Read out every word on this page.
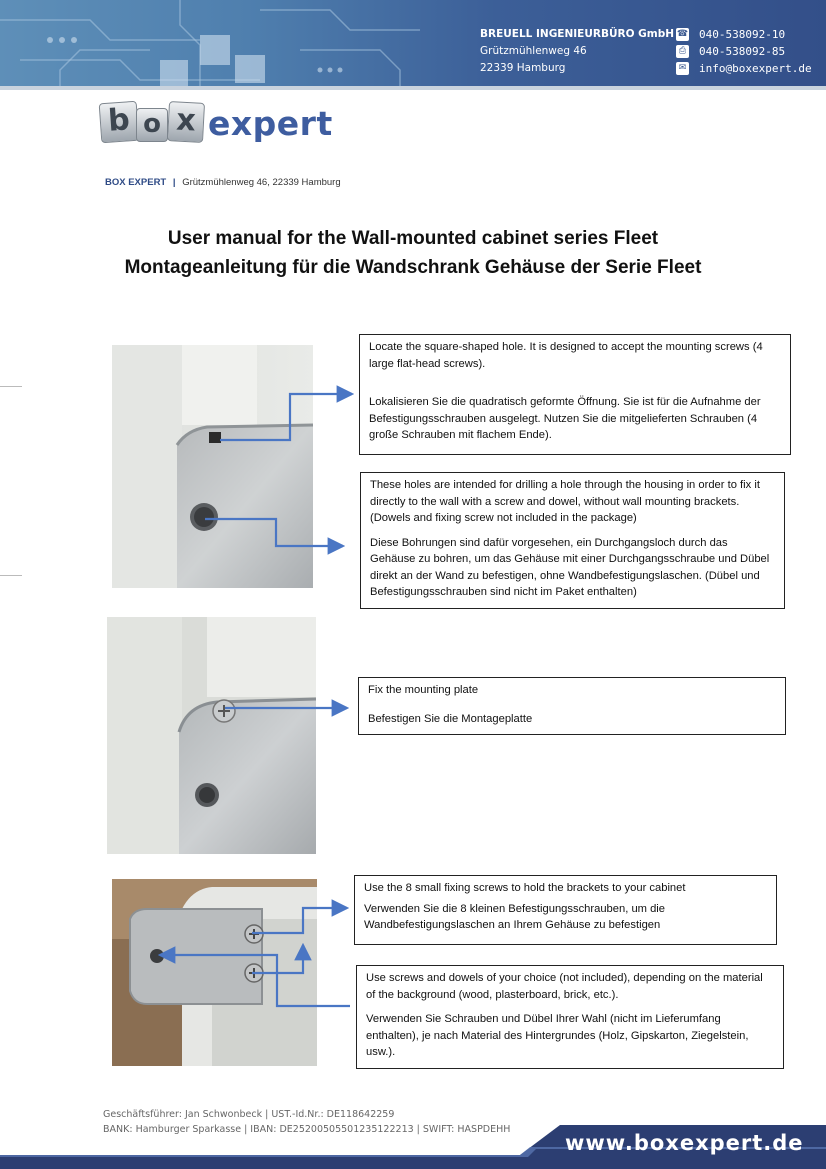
BREUELL INGENIEURBÜRO GmbH
Grützmühlenweg 46
22339 Hamburg
☎ 040-538092-10
⎙ 040-538092-85
✉ info@boxexpert.de
b o x expert
BOX EXPERT | Grützmühlenweg 46, 22339 Hamburg
User manual for the Wall-mounted cabinet series Fleet
Montageanleitung für die Wandschrank Gehäuse der Serie Fleet

Locate the square-shaped hole. It is designed to accept the mounting screws (4 large flat-head screws).

Lokalisieren Sie die quadratisch geformte Öffnung. Sie ist für die Aufnahme der Befestigungsschrauben ausgelegt. Nutzen Sie die mitgelieferten Schrauben (4 große Schrauben mit flachem Ende).

These holes are intended for drilling a hole through the housing in order to fix it directly to the wall with a screw and dowel, without wall mounting brackets. (Dowels and fixing screw not included in the package)

Diese Bohrungen sind dafür vorgesehen, ein Durchgangsloch durch das Gehäuse zu bohren, um das Gehäuse mit einer Durchgangsschraube und Dübel direkt an der Wand zu befestigen, ohne Wandbefestigungslaschen. (Dübel und Befestigungsschrauben sind nicht im Paket enthalten)

Fix the mounting plate

Befestigen Sie die Montageplatte

Use the 8 small fixing screws to hold the brackets to your cabinet

Verwenden Sie die 8 kleinen Befestigungsschrauben, um die Wandbefestigungslaschen an Ihrem Gehäuse zu befestigen

Use screws and dowels of your choice (not included), depending on the material of the background (wood, plasterboard, brick, etc.).

Verwenden Sie Schrauben und Dübel Ihrer Wahl (nicht im Lieferumfang enthalten), je nach Material des Hintergrundes (Holz, Gipskarton, Ziegelstein, usw.).

Geschäftsführer: Jan Schwonbeck | UST.-Id.Nr.: DE118642259
BANK: Hamburger Sparkasse | IBAN: DE25200505501235122213 | SWIFT: HASPDEHH
www.boxexpert.de
